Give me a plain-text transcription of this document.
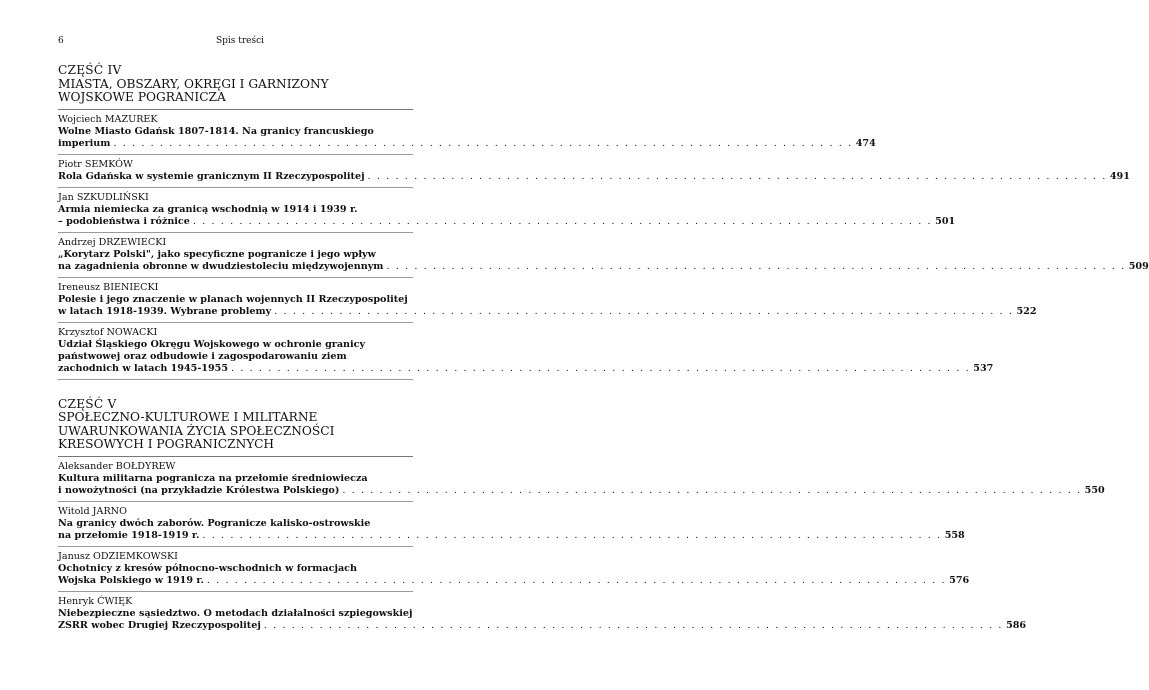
6	Spis treści
CZĘŚĆ IV
MIASTA, OBSZARY, OKRĘGI I GARNIZONY
WOJSKOWE POGRANICZA
Wojciech MAZUREK
Wolne Miasto Gdańsk 1807-1814. Na granicy francuskiego
imperium . . . . . . . . . . . . . . . . . . . . . . . . . . . . . . . . . . . . . . . . . . . . . . . . . . . . . . . . . . . . . . . . . . . . . . . . . . . . . . . . 474
Piotr SEMKÓW
Rola Gdańska w systemie granicznym II Rzeczypospolitej . . . . . . . . . . . . . . . . . . . . . . . . . . . . . . . . . . . . . . . . . . . . . . . . . . . . . . . . . . . . . . . . . . . . . . . . . . . . . . . . 491
Jan SZKUDLIŃSKI
Armia niemiecka za granicą wschodnią w 1914 i 1939 r.
– podobieństwa i różnice . . . . . . . . . . . . . . . . . . . . . . . . . . . . . . . . . . . . . . . . . . . . . . . . . . . . . . . . . . . . . . . . . . . . . . . . . . . . . . . . 501
Andrzej DRZEWIECKI
„Korytarz Polski", jako specyficzne pogranicze i jego wpływ
na zagadnienia obronne w dwudziestoleciu międzywojennym . . . . . . . . . . . . . . . . . . . . . . . . . . . . . . . . . . . . . . . . . . . . . . . . . . . . . . . . . . . . . . . . . . . . . . . . . . . . . . . . 509
Ireneusz BIENIECKI
Polesie i jego znaczenie w planach wojennych II Rzeczypospolitej
w latach 1918-1939. Wybrane problemy . . . . . . . . . . . . . . . . . . . . . . . . . . . . . . . . . . . . . . . . . . . . . . . . . . . . . . . . . . . . . . . . . . . . . . . . . . . . . . . . 522
Krzysztof NOWACKI
Udział Śląskiego Okręgu Wojskowego w ochronie granicy
państwowej oraz odbudowie i zagospodarowaniu ziem
zachodnich w latach 1945-1955 . . . . . . . . . . . . . . . . . . . . . . . . . . . . . . . . . . . . . . . . . . . . . . . . . . . . . . . . . . . . . . . . . . . . . . . . . . . . . . . . 537
CZĘŚĆ V
SPOŁECZNO-KULTUROWE I MILITARNE
UWARUNKOWANIA ŻYCIA SPOŁECZNOŚCI
KRESOWYCH I POGRANICZNYCH
Aleksander BOŁDYREW
Kultura militarna pogranicza na przełomie średniowiecza
i nowożytności (na przykładzie Królestwa Polskiego) . . . . . . . . . . . . . . . . . . . . . . . . . . . . . . . . . . . . . . . . . . . . . . . . . . . . . . . . . . . . . . . . . . . . . . . . . . . . . . . . 550
Witold JARNO
Na granicy dwóch zaborów. Pogranicze kalisko-ostrowskie
na przełomie 1918-1919 r. . . . . . . . . . . . . . . . . . . . . . . . . . . . . . . . . . . . . . . . . . . . . . . . . . . . . . . . . . . . . . . . . . . . . . . . . . . . . . . . . 558
Janusz ODZIEMKOWSKI
Ochotnicy z kresów północno-wschodnich w formacjach
Wojska Polskiego w 1919 r. . . . . . . . . . . . . . . . . . . . . . . . . . . . . . . . . . . . . . . . . . . . . . . . . . . . . . . . . . . . . . . . . . . . . . . . . . . . . . . . . 576
Henryk ĆWIĘK
Niebezpieczne sąsiedztwo. O metodach działalności szpiegowskiej
ZSRR wobec Drugiej Rzeczypospolitej . . . . . . . . . . . . . . . . . . . . . . . . . . . . . . . . . . . . . . . . . . . . . . . . . . . . . . . . . . . . . . . . . . . . . . . . . . . . . . . . 586
